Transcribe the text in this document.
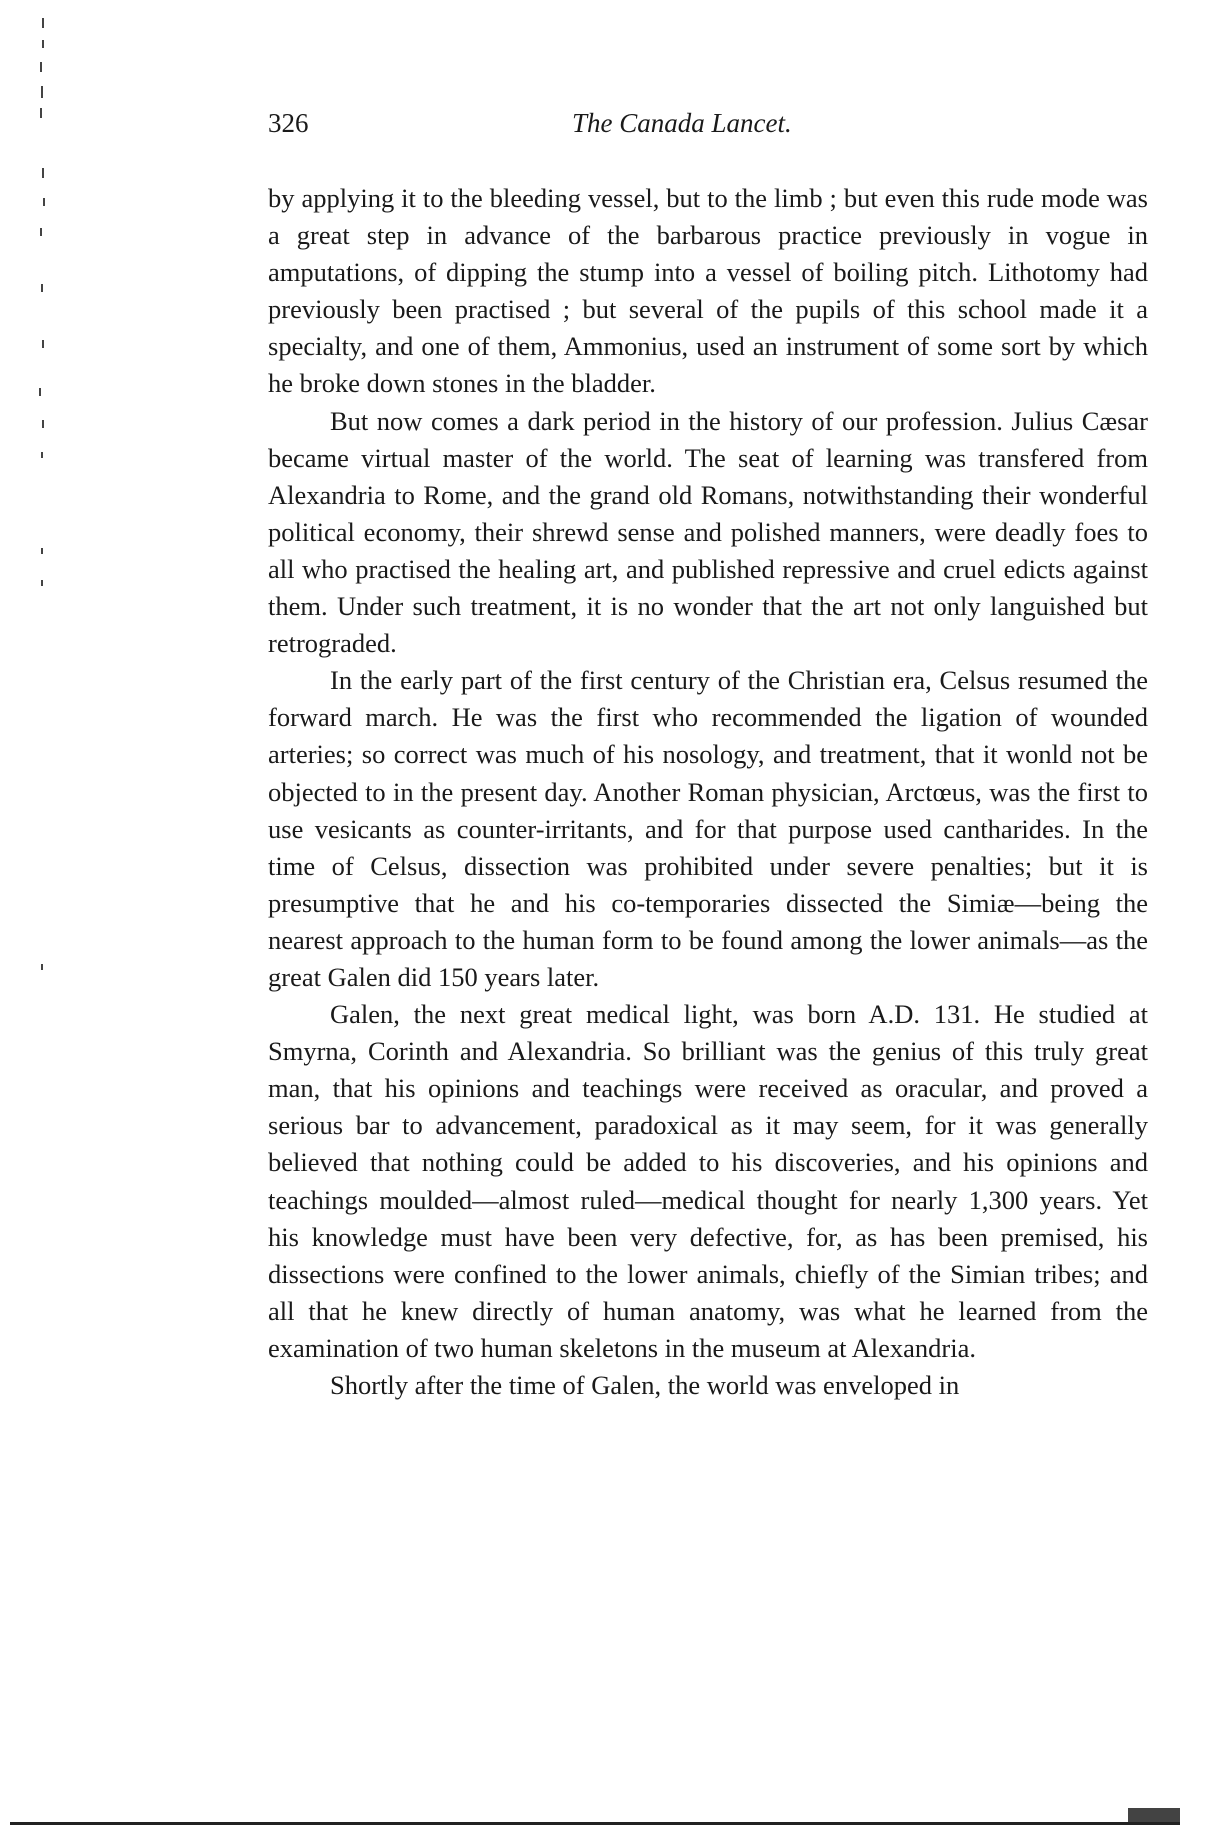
326	The Canada Lancet.

by applying it to the bleeding vessel, but to the limb ; but even this rude mode was a great step in advance of the barbarous practice previously in vogue in amputations, of dipping the stump into a vessel of boiling pitch. Lithotomy had previously been practised ; but several of the pupils of this school made it a specialty, and one of them, Ammonius, used an instrument of some sort by which he broke down stones in the bladder.

But now comes a dark period in the history of our profession. Julius Cæsar became virtual master of the world. The seat of learning was transfered from Alexandria to Rome, and the grand old Romans, notwithstanding their wonderful political economy, their shrewd sense and polished manners, were deadly foes to all who practised the healing art, and published repressive and cruel edicts against them. Under such treatment, it is no wonder that the art not only languished but retrograded.

In the early part of the first century of the Christian era, Celsus resumed the forward march. He was the first who recommended the ligation of wounded arteries; so correct was much of his nosology, and treatment, that it wonld not be objected to in the present day. Another Roman physician, Arctœus, was the first to use vesicants as counter-irritants, and for that purpose used cantharides. In the time of Celsus, dissection was prohibited under severe penalties; but it is presumptive that he and his co-temporaries dissected the Simiæ—being the nearest approach to the human form to be found among the lower animals—as the great Galen did 150 years later.

Galen, the next great medical light, was born A.D. 131. He studied at Smyrna, Corinth and Alexandria. So brilliant was the genius of this truly great man, that his opinions and teachings were received as oracular, and proved a serious bar to advancement, paradoxical as it may seem, for it was generally believed that nothing could be added to his discoveries, and his opinions and teachings moulded—almost ruled—medical thought for nearly 1,300 years. Yet his knowledge must have been very defective, for, as has been premised, his dissections were confined to the lower animals, chiefly of the Simian tribes; and all that he knew directly of human anatomy, was what he learned from the examination of two human skeletons in the museum at Alexandria.

Shortly after the time of Galen, the world was enveloped in
